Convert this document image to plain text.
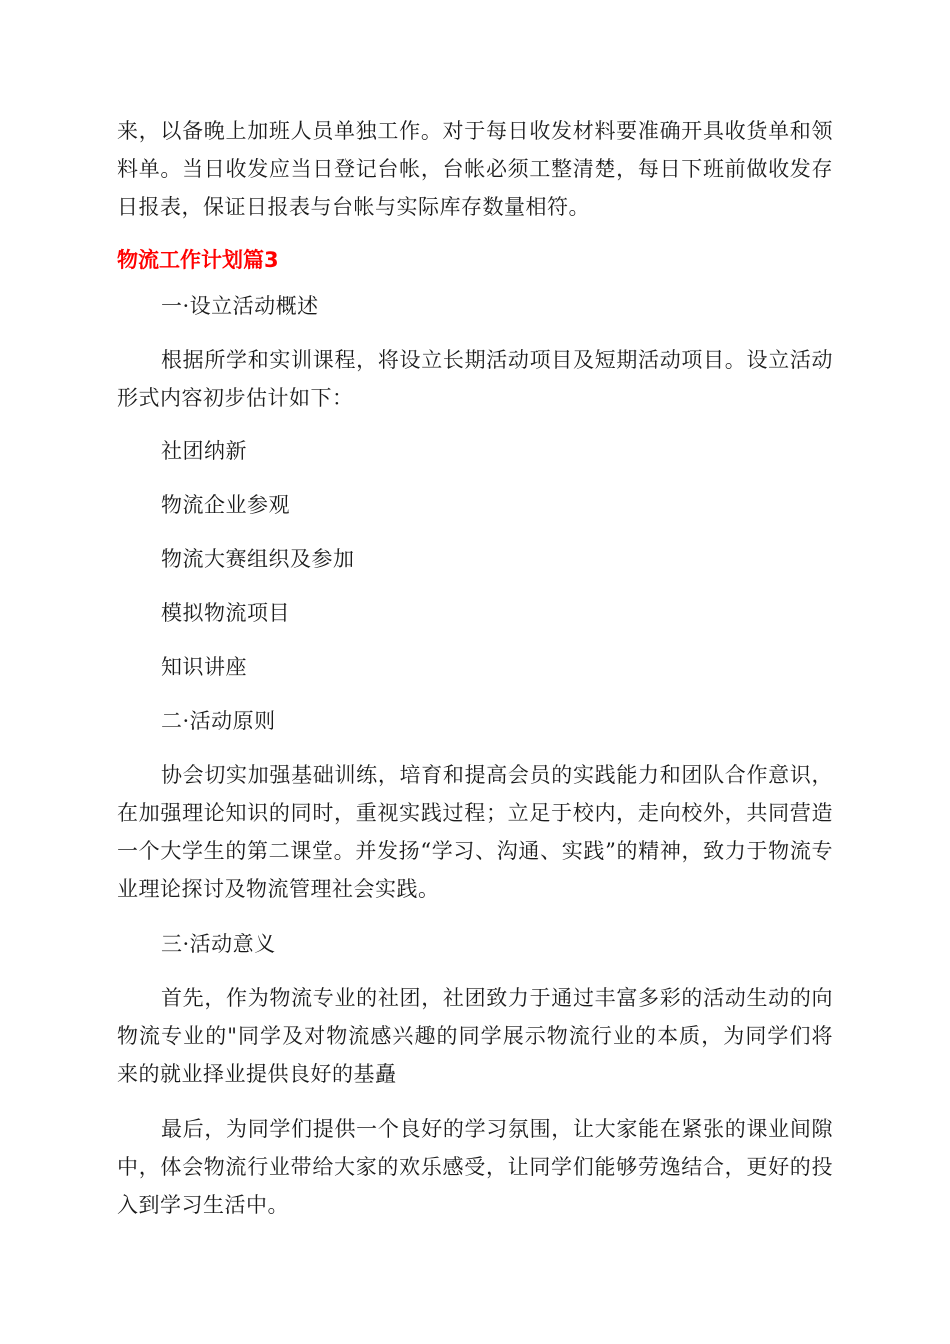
来，以备晚上加班人员单独工作。对于每日收发材料要准确开具收货单和领料单。当日收发应当日登记台帐，台帐必须工整清楚，每日下班前做收发存日报表，保证日报表与台帐与实际库存数量相符。

物流工作计划篇3

一·设立活动概述

根据所学和实训课程，将设立长期活动项目及短期活动项目。设立活动形式内容初步估计如下：

社团纳新

物流企业参观

物流大赛组织及参加

模拟物流项目

知识讲座

二·活动原则

协会切实加强基础训练，培育和提高会员的实践能力和团队合作意识，在加强理论知识的同时，重视实践过程；立足于校内，走向校外，共同营造一个大学生的第二课堂。并发扬“学习、沟通、实践”的精神，致力于物流专业理论探讨及物流管理社会实践。

三·活动意义

首先，作为物流专业的社团，社团致力于通过丰富多彩的活动生动的向物流专业的"同学及对物流感兴趣的同学展示物流行业的本质，为同学们将来的就业择业提供良好的基矗

最后，为同学们提供一个良好的学习氛围，让大家能在紧张的课业间隙中，体会物流行业带给大家的欢乐感受，让同学们能够劳逸结合，更好的投入到学习生活中。
